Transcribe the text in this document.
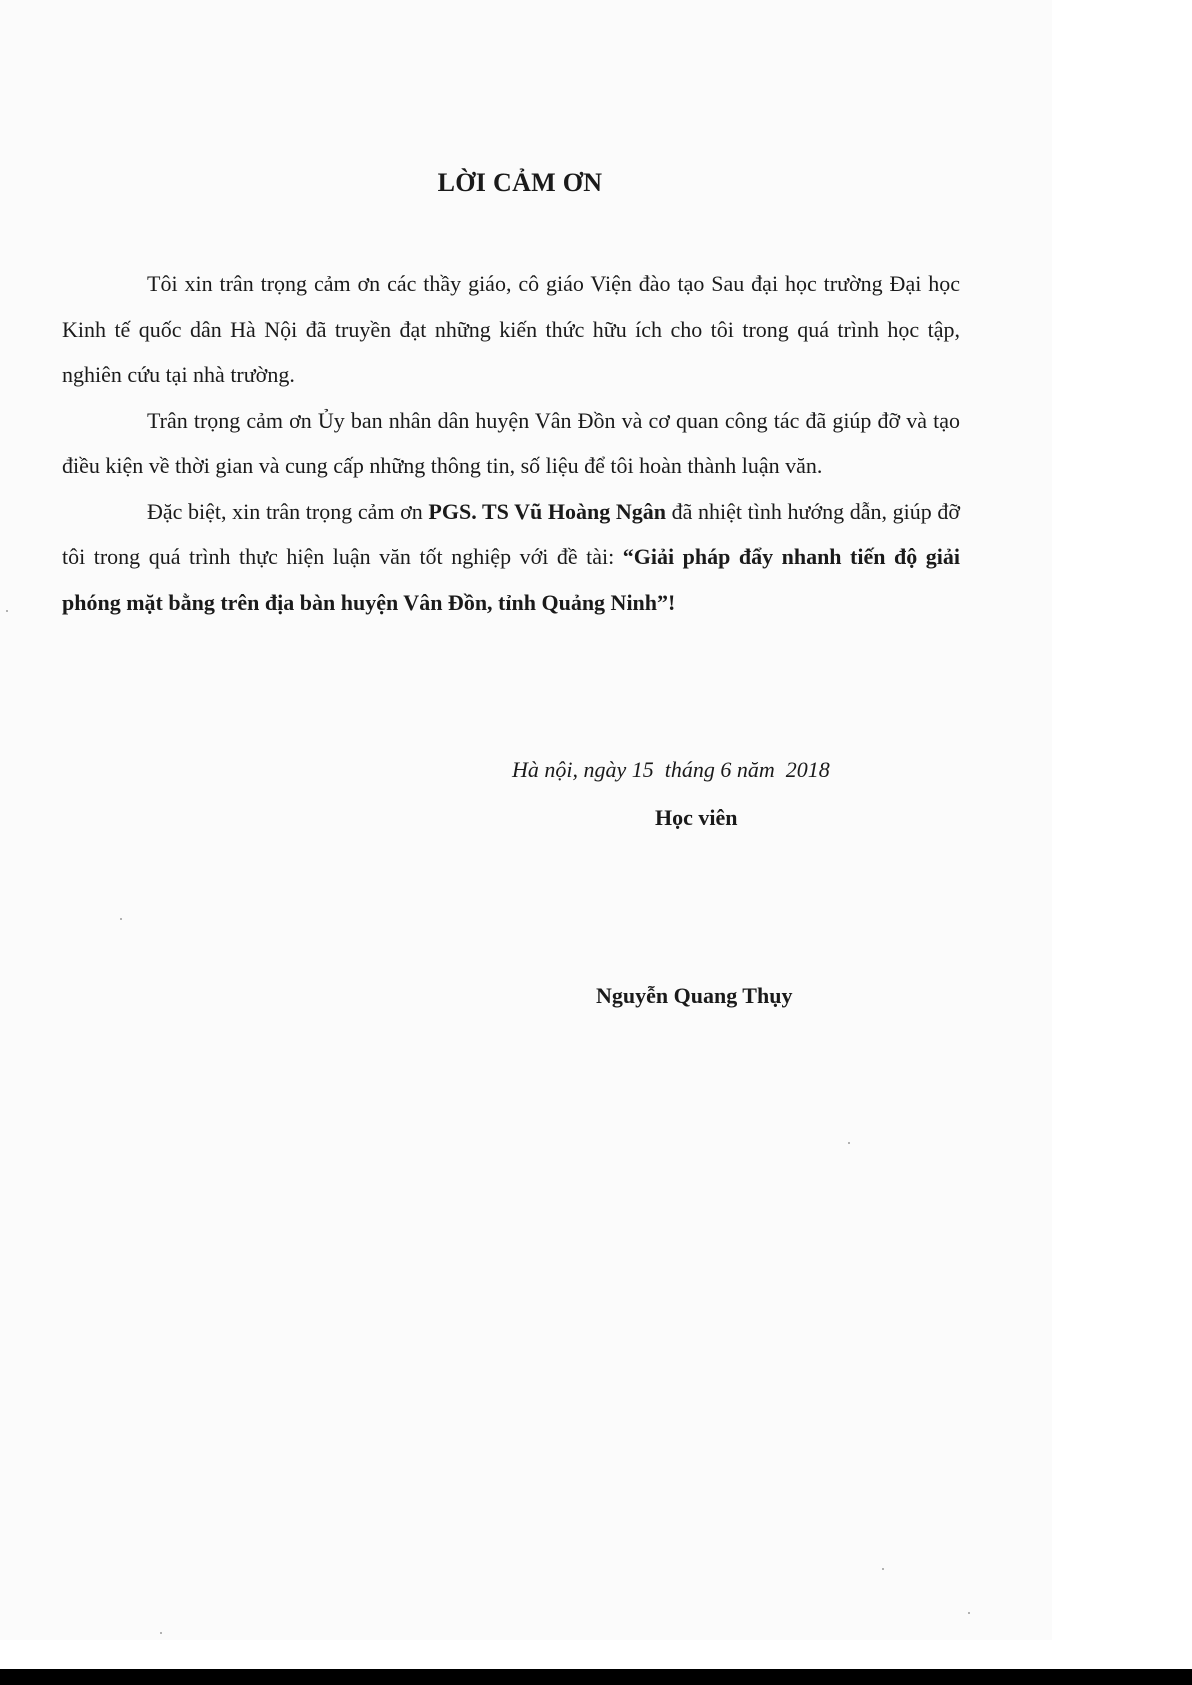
LỜI CẢM ƠN

Tôi xin trân trọng cảm ơn các thầy giáo, cô giáo Viện đào tạo Sau đại học trường Đại học Kinh tế quốc dân Hà Nội đã truyền đạt những kiến thức hữu ích cho tôi trong quá trình học tập, nghiên cứu tại nhà trường.

Trân trọng cảm ơn Ủy ban nhân dân huyện Vân Đồn và cơ quan công tác đã giúp đỡ và tạo điều kiện về thời gian và cung cấp những thông tin, số liệu để tôi hoàn thành luận văn.

Đặc biệt, xin trân trọng cảm ơn PGS. TS Vũ Hoàng Ngân đã nhiệt tình hướng dẫn, giúp đỡ tôi trong quá trình thực hiện luận văn tốt nghiệp với đề tài: “Giải pháp đẩy nhanh tiến độ giải phóng mặt bằng trên địa bàn huyện Vân Đồn, tỉnh Quảng Ninh”!

Hà nội, ngày 15  tháng 6 năm  2018
Học viên
Nguyễn Quang Thụy
